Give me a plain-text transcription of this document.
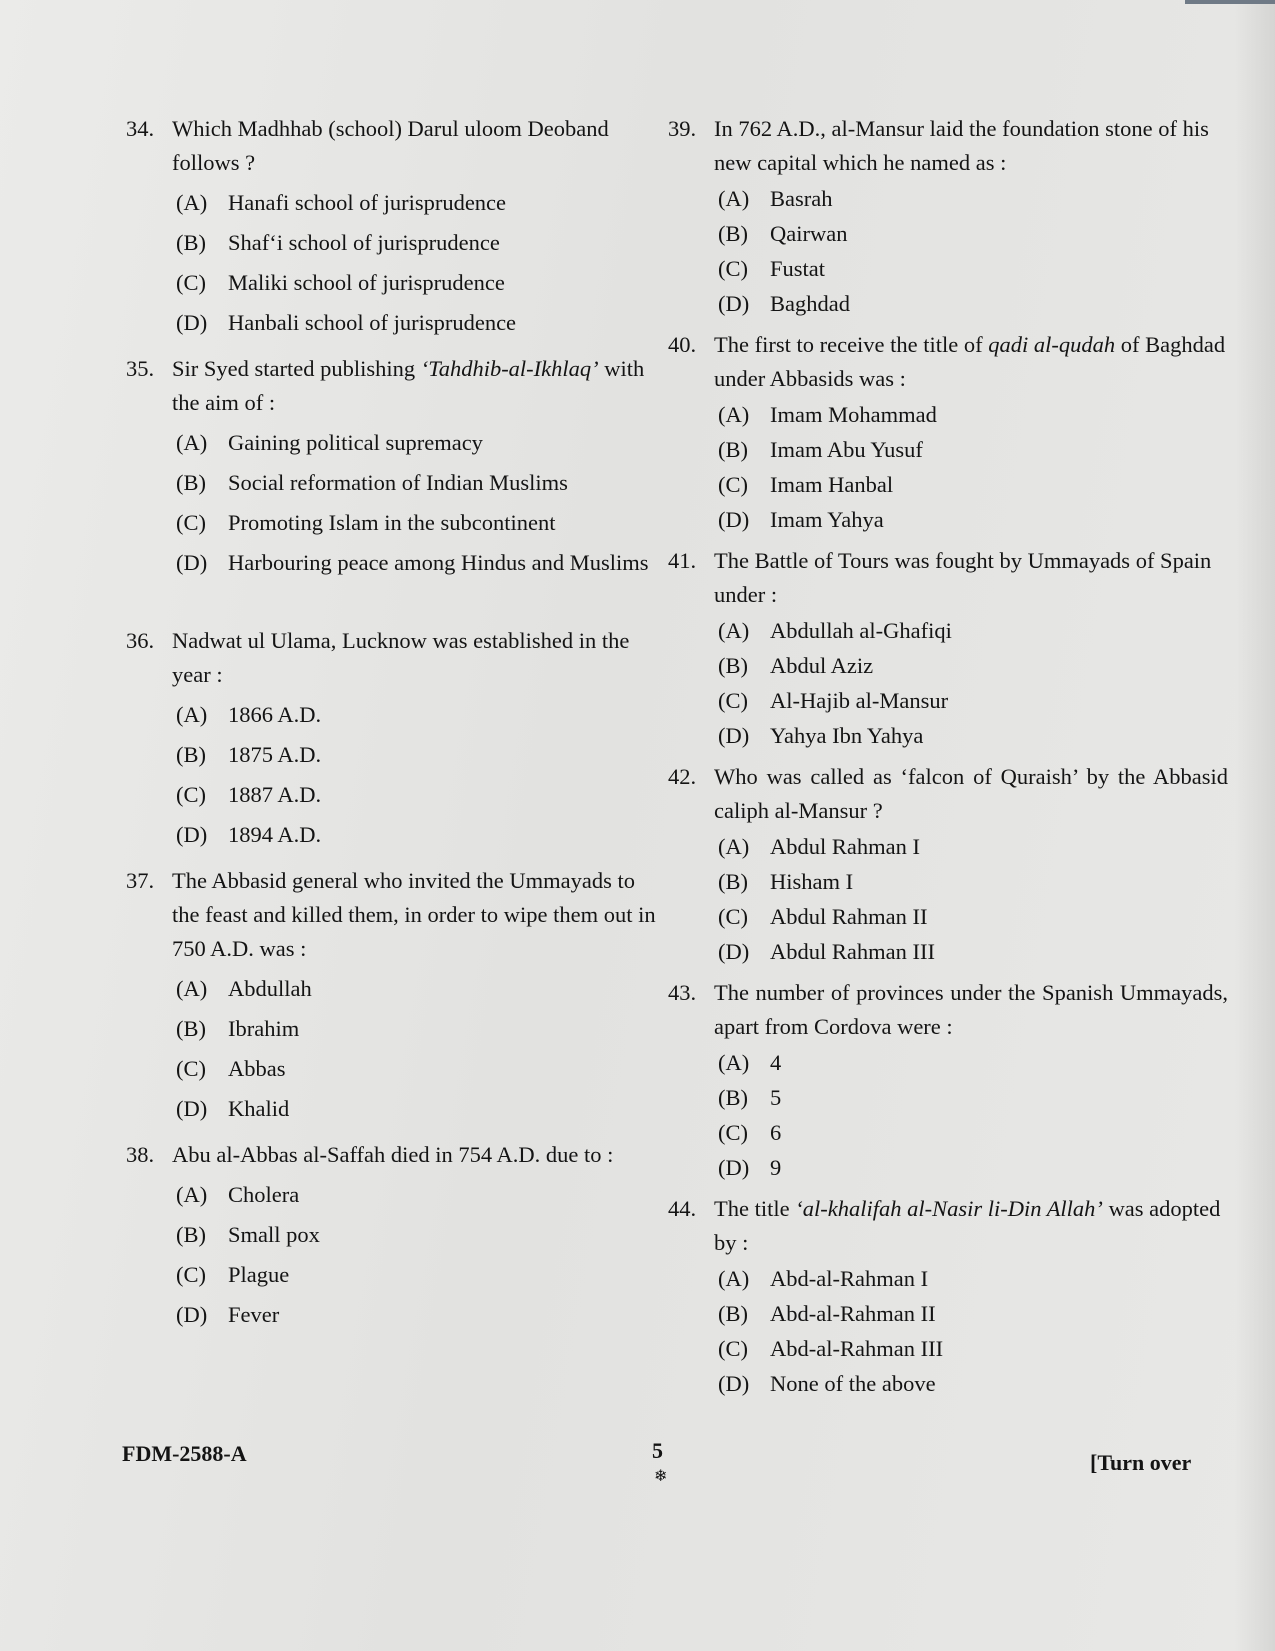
34. Which Madhhab (school) Darul uloom Deoband follows ?
(A) Hanafi school of jurisprudence
(B) Shaf‘i school of jurisprudence
(C) Maliki school of jurisprudence
(D) Hanbali school of jurisprudence
35. Sir Syed started publishing ‘Tahdhib-al-Ikhlaq’ with the aim of :
(A) Gaining political supremacy
(B) Social reformation of Indian Muslims
(C) Promoting Islam in the subcontinent
(D) Harbouring peace among Hindus and Muslims
36. Nadwat ul Ulama, Lucknow was established in the year :
(A) 1866 A.D.
(B) 1875 A.D.
(C) 1887 A.D.
(D) 1894 A.D.
37. The Abbasid general who invited the Ummayads to the feast and killed them, in order to wipe them out in 750 A.D. was :
(A) Abdullah
(B) Ibrahim
(C) Abbas
(D) Khalid
38. Abu al-Abbas al-Saffah died in 754 A.D. due to :
(A) Cholera
(B) Small pox
(C) Plague
(D) Fever
39. In 762 A.D., al-Mansur laid the foundation stone of his new capital which he named as :
(A) Basrah
(B) Qairwan
(C) Fustat
(D) Baghdad
40. The first to receive the title of qadi al-qudah of Baghdad under Abbasids was :
(A) Imam Mohammad
(B) Imam Abu Yusuf
(C) Imam Hanbal
(D) Imam Yahya
41. The Battle of Tours was fought by Ummayads of Spain under :
(A) Abdullah al-Ghafiqi
(B) Abdul Aziz
(C) Al-Hajib al-Mansur
(D) Yahya Ibn Yahya
42. Who was called as ‘falcon of Quraish’ by the Abbasid caliph al-Mansur ?
(A) Abdul Rahman I
(B) Hisham I
(C) Abdul Rahman II
(D) Abdul Rahman III
43. The number of provinces under the Spanish Ummayads, apart from Cordova were :
(A) 4
(B) 5
(C) 6
(D) 9
44. The title ‘al-khalifah al-Nasir li-Din Allah’ was adopted by :
(A) Abd-al-Rahman I
(B) Abd-al-Rahman II
(C) Abd-al-Rahman III
(D) None of the above
FDM-2588-A	5
❄
[Turn over
